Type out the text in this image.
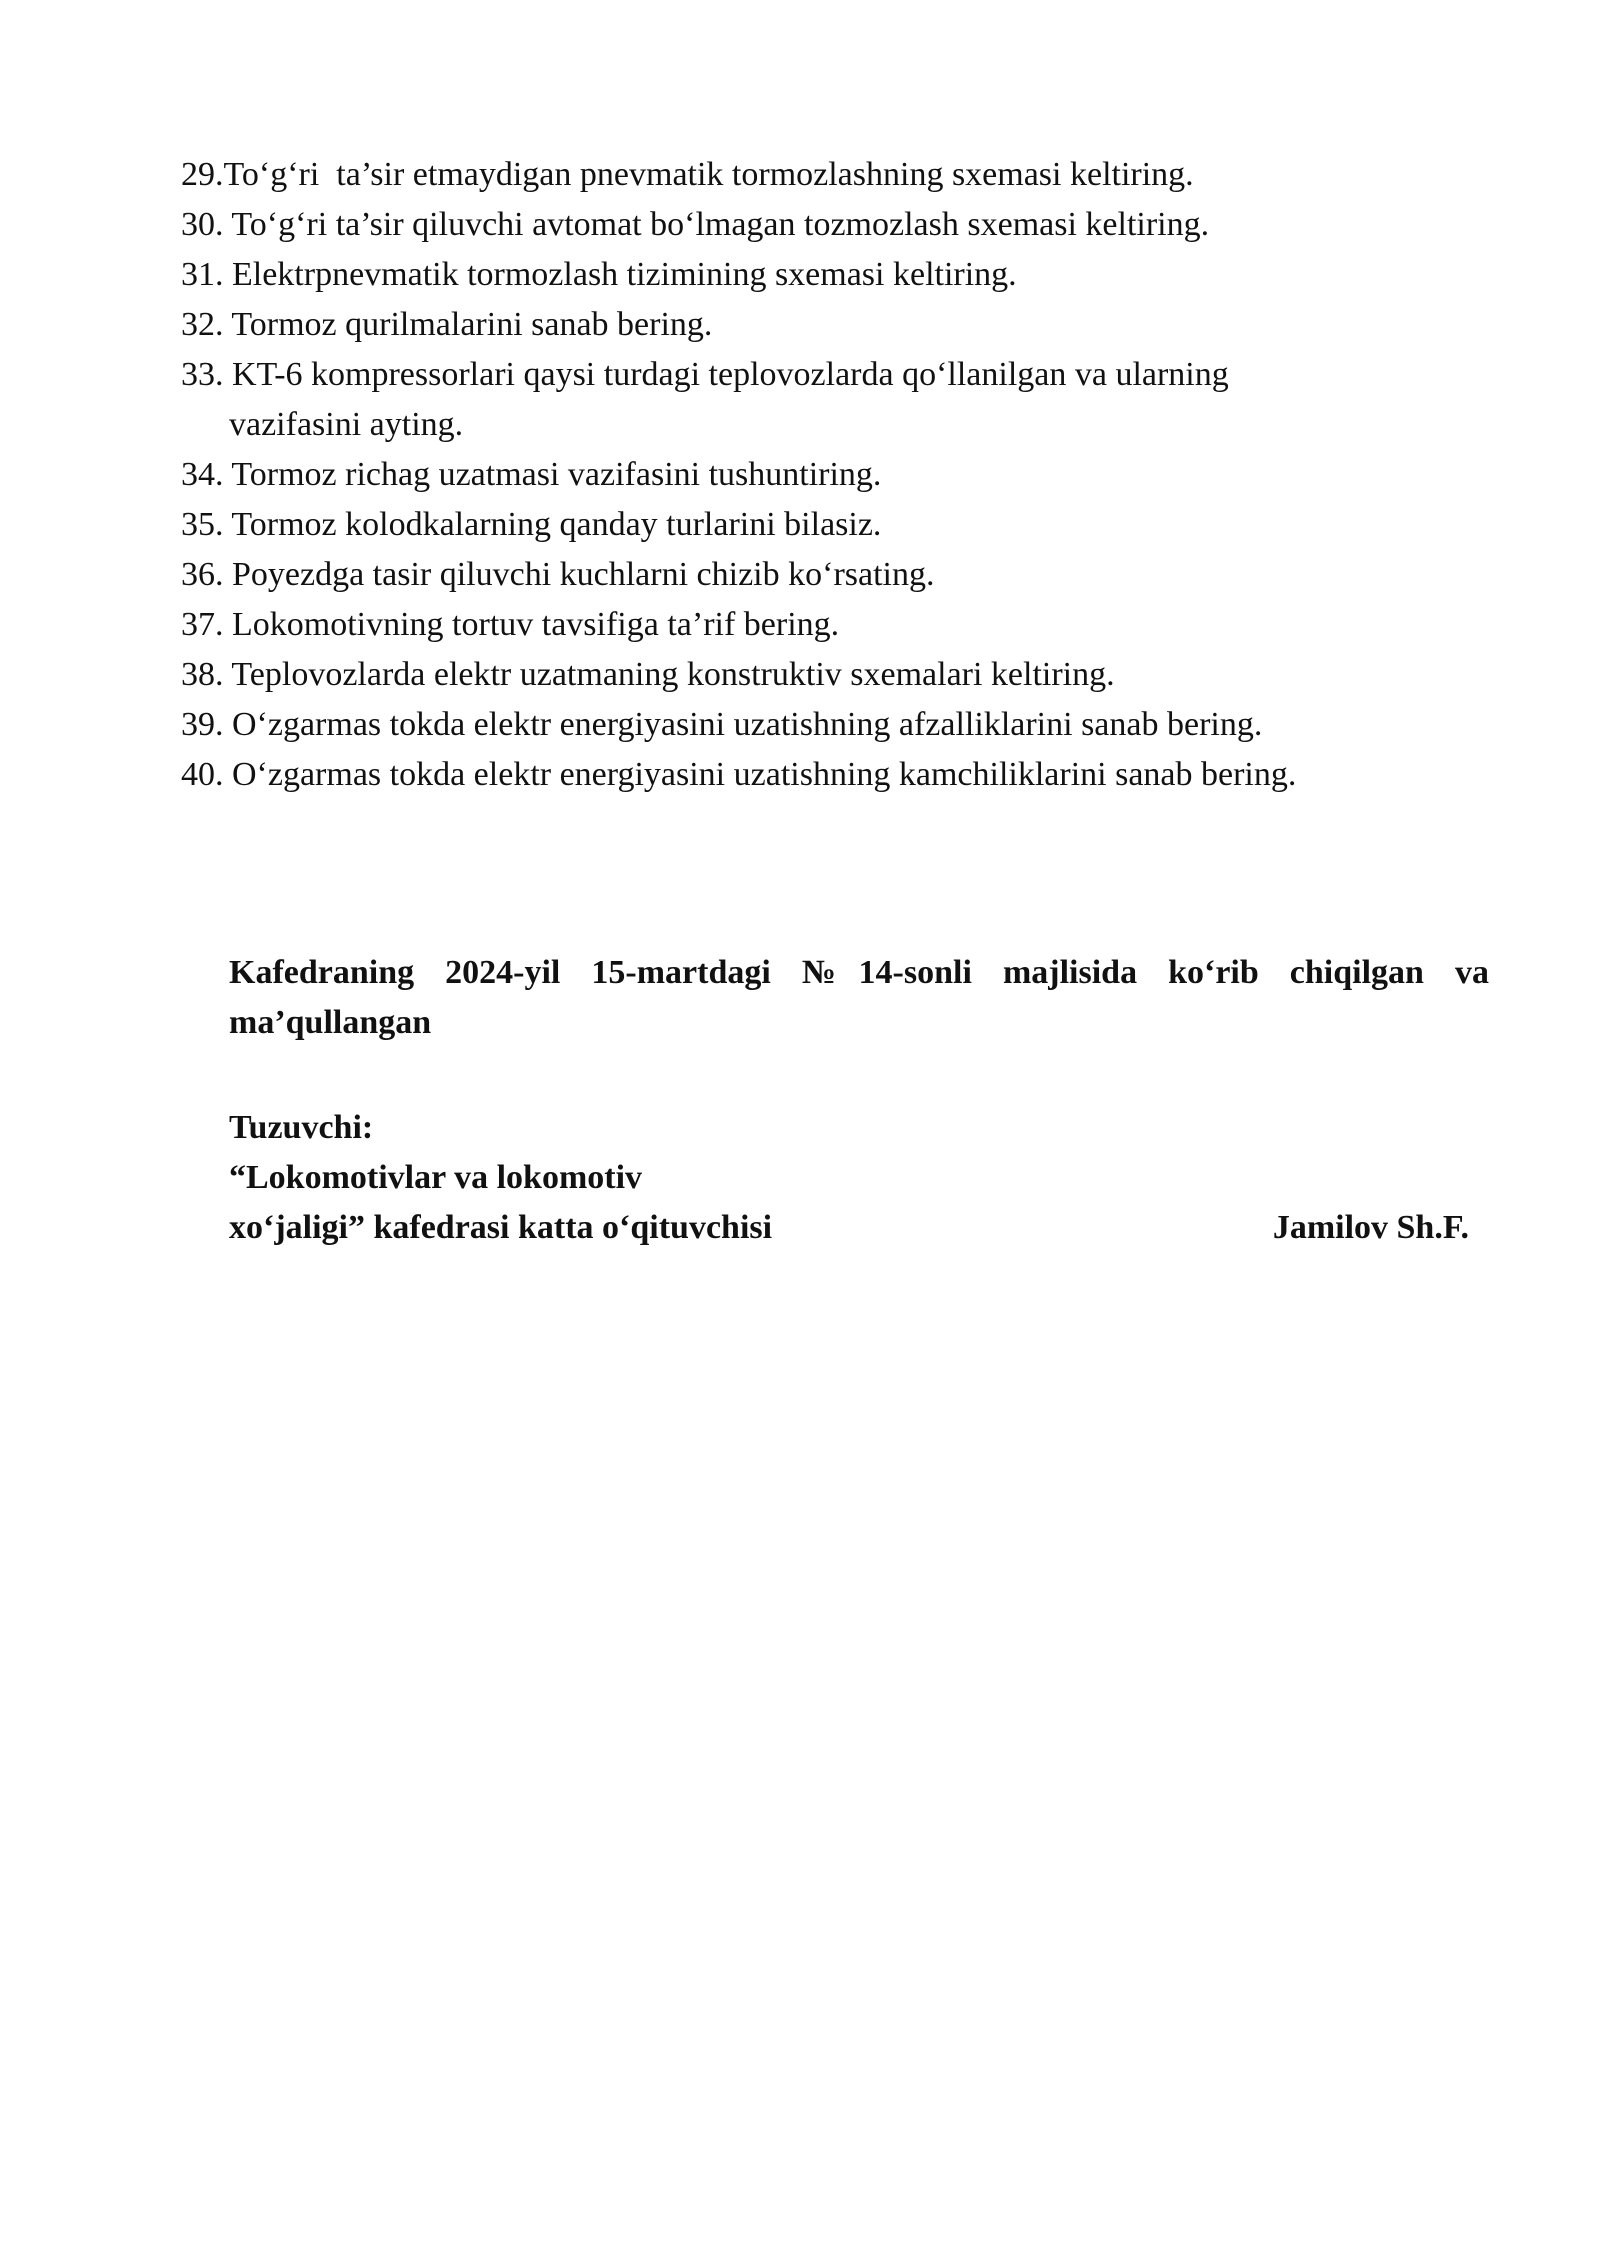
29.To‘g‘ri  ta’sir etmaydigan pnevmatik tormozlashning sxemasi keltiring.
30. To‘g‘ri ta’sir qiluvchi avtomat bo‘lmagan tozmozlash sxemasi keltiring.
31. Elektrpnevmatik tormozlash tizimining sxemasi keltiring.
32. Tormoz qurilmalarini sanab bering.
33. KT-6 kompressorlari qaysi turdagi teplovozlarda qo‘llanilgan va ularning
vazifasini ayting.
34. Tormoz richag uzatmasi vazifasini tushuntiring.
35. Tormoz kolodkalarning qanday turlarini bilasiz.
36. Poyezdga tasir qiluvchi kuchlarni chizib ko‘rsating.
37. Lokomotivning tortuv tavsifiga ta’rif bering.
38. Teplovozlarda elektr uzatmaning konstruktiv sxemalari keltiring.
39. O‘zgarmas tokda elektr energiyasini uzatishning afzalliklarini sanab bering.
40. O‘zgarmas tokda elektr energiyasini uzatishning kamchiliklarini sanab bering.

Kafedraning 2024-yil 15-martdagi №14-sonli majlisida ko‘rib chiqilgan va
ma’qullangan

Tuzuvchi:
“Lokomotivlar va lokomotiv
xo‘jaligi” kafedrasi katta o‘qituvchisi	Jamilov Sh.F.
